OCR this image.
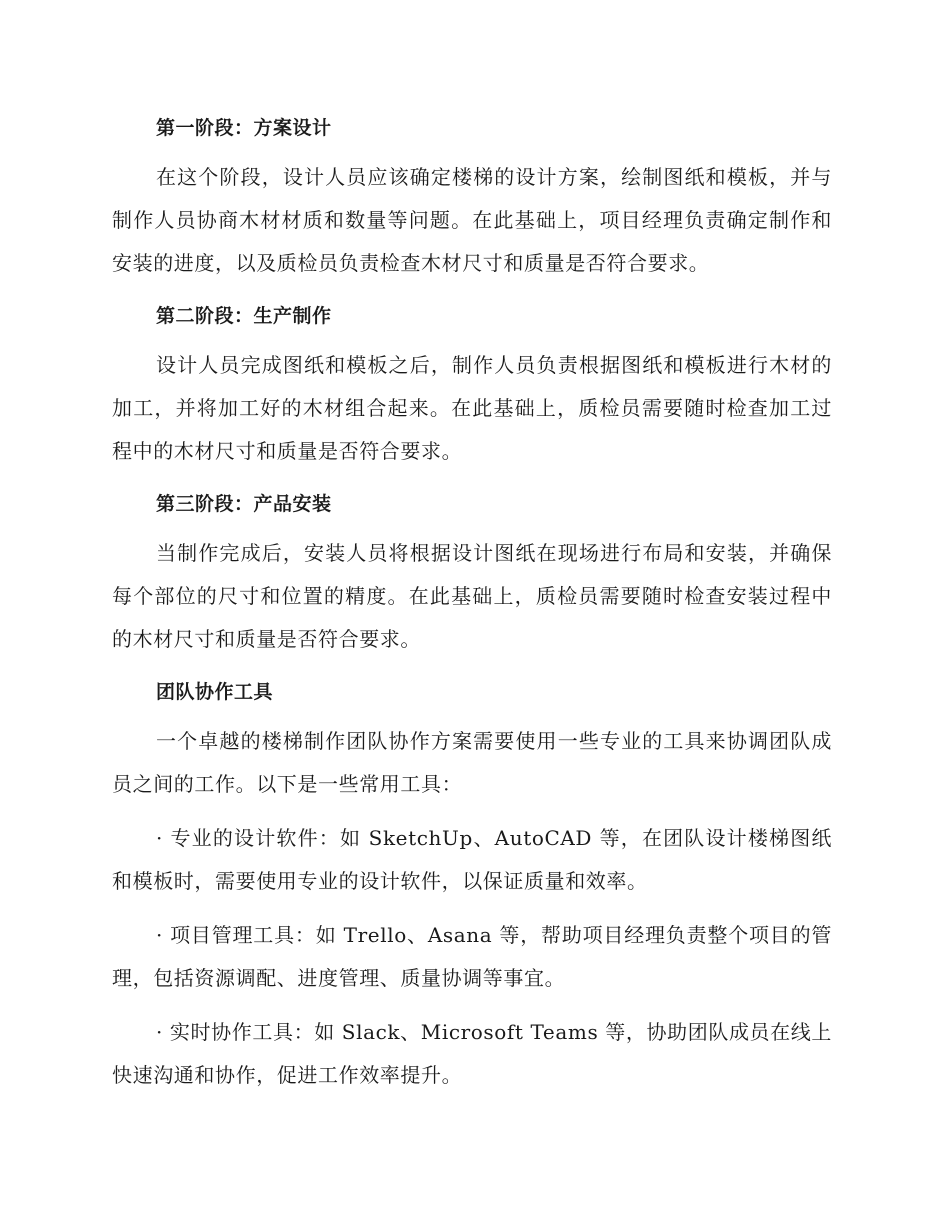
第一阶段：方案设计

在这个阶段，设计人员应该确定楼梯的设计方案，绘制图纸和模板，并与制作人员协商木材材质和数量等问题。在此基础上，项目经理负责确定制作和安装的进度，以及质检员负责检查木材尺寸和质量是否符合要求。

第二阶段：生产制作

设计人员完成图纸和模板之后，制作人员负责根据图纸和模板进行木材的加工，并将加工好的木材组合起来。在此基础上，质检员需要随时检查加工过程中的木材尺寸和质量是否符合要求。

第三阶段：产品安装

当制作完成后，安装人员将根据设计图纸在现场进行布局和安装，并确保每个部位的尺寸和位置的精度。在此基础上，质检员需要随时检查安装过程中的木材尺寸和质量是否符合要求。

团队协作工具

一个卓越的楼梯制作团队协作方案需要使用一些专业的工具来协调团队成员之间的工作。以下是一些常用工具：

· 专业的设计软件：如 SketchUp、AutoCAD 等，在团队设计楼梯图纸和模板时，需要使用专业的设计软件，以保证质量和效率。

· 项目管理工具：如 Trello、Asana 等，帮助项目经理负责整个项目的管理，包括资源调配、进度管理、质量协调等事宜。

· 实时协作工具：如 Slack、Microsoft Teams 等，协助团队成员在线上快速沟通和协作，促进工作效率提升。
